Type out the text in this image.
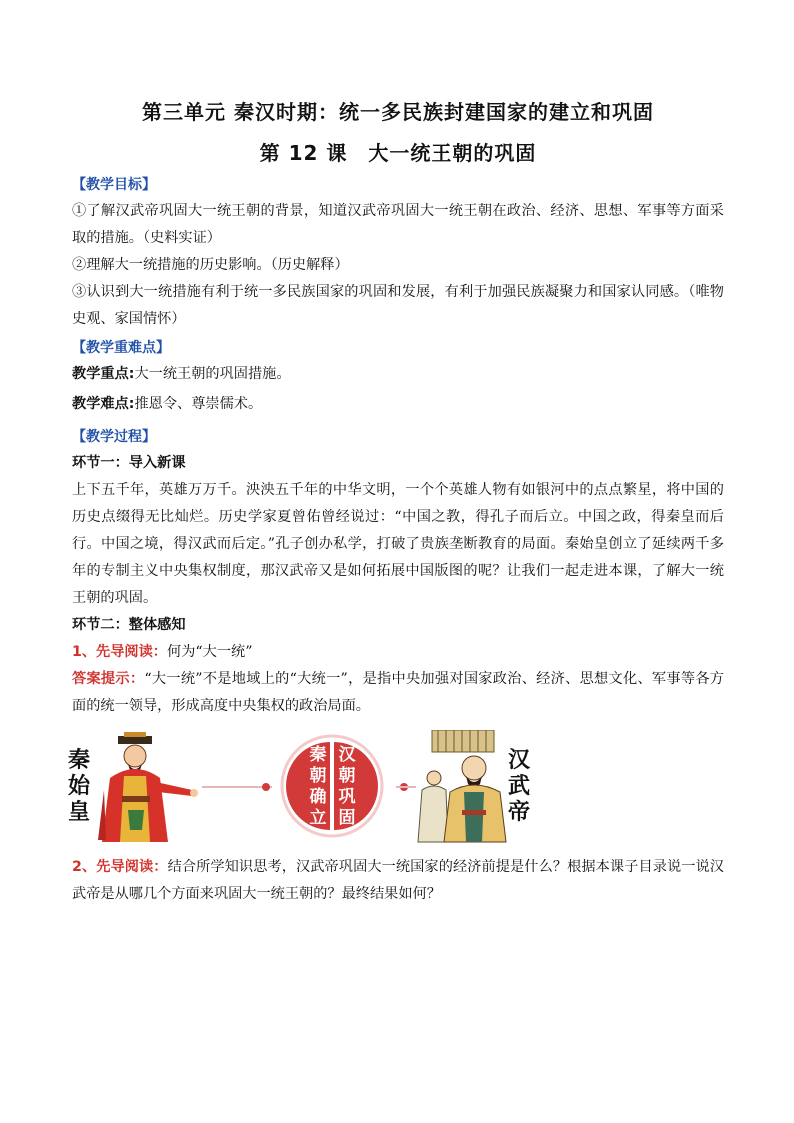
第三单元 秦汉时期：统一多民族封建国家的建立和巩固
第 12 课　大一统王朝的巩固
【教学目标】

①了解汉武帝巩固大一统王朝的背景，知道汉武帝巩固大一统王朝在政治、经济、思想、军事等方面采取的措施。（史料实证）

②理解大一统措施的历史影响。（历史解释）

③认识到大一统措施有利于统一多民族国家的巩固和发展，有利于加强民族凝聚力和国家认同感。（唯物史观、家国情怀）

【教学重难点】

教学重点:大一统王朝的巩固措施。

教学难点:推恩令、尊崇儒术。

【教学过程】

环节一：导入新课

上下五千年，英雄万万千。泱泱五千年的中华文明，一个个英雄人物有如银河中的点点繁星，将中国的历史点缀得无比灿烂。历史学家夏曾佑曾经说过：“中国之教，得孔子而后立。中国之政，得秦皇而后行。中国之境，得汉武而后定。”孔子创办私学，打破了贵族垄断教育的局面。秦始皇创立了延续两千多年的专制主义中央集权制度，那汉武帝又是如何拓展中国版图的呢？让我们一起走进本课，了解大一统王朝的巩固。

环节二：整体感知

1、先导阅读：何为“大一统”

答案提示：“大一统”不是地域上的“大统一”，是指中央加强对国家政治、经济、思想文化、军事等各方面的统一领导，形成高度中央集权的政治局面。

秦始皇
秦朝确立
汉朝巩固
汉武帝

2、先导阅读：结合所学知识思考，汉武帝巩固大一统国家的经济前提是什么？根据本课子目录说一说汉武帝是从哪几个方面来巩固大一统王朝的？最终结果如何？
